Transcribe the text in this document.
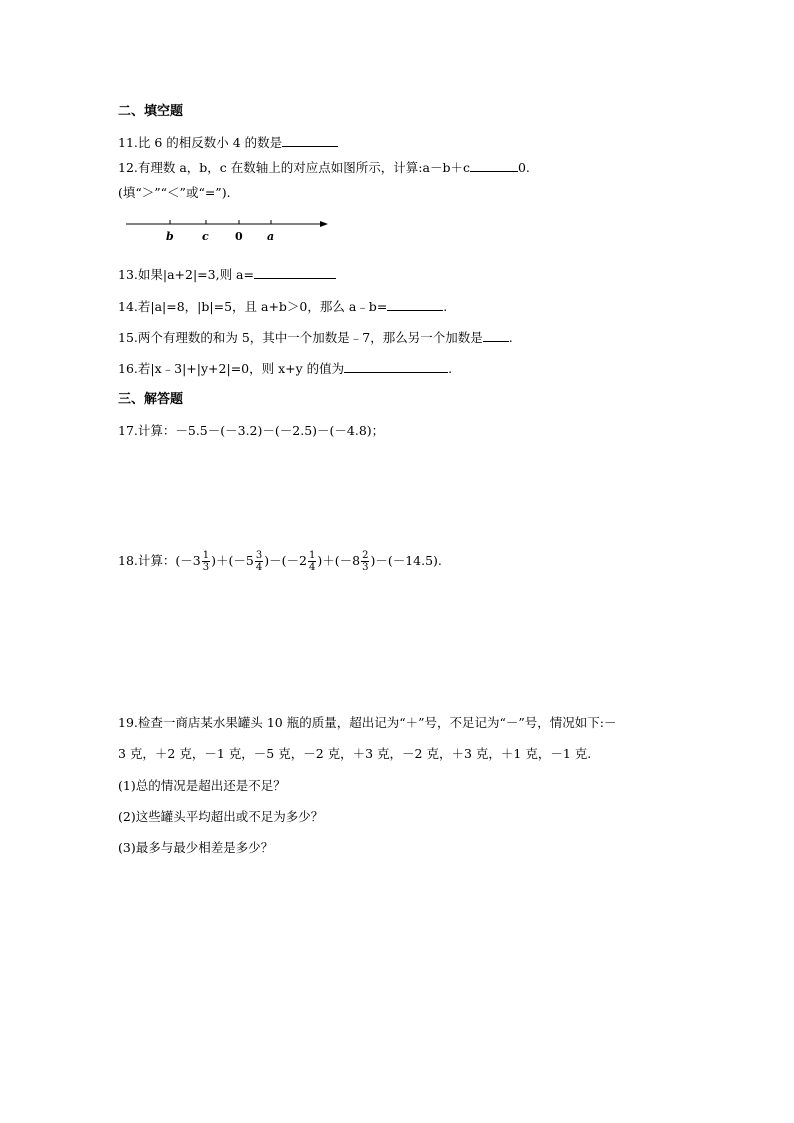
二、填空题
11.比 6 的相反数小 4 的数是
12.有理数 a，b，c 在数轴上的对应点如图所示，计算:a－b＋c	0.
(填“＞”“＜”或“=”).
b	c 0 a
13.如果|a+2|=3,则 a=
14.若|a|=8，|b|=5，且 a+b＞0，那么 a﹣b=	.
15.两个有理数的和为 5，其中一个加数是﹣7，那么另一个加数是 .
16.若|x﹣3|+|y+2|=0，则 x+y 的值为	.
三、解答题
17.计算：－5.5－(－3.2)－(－2.5)－(－4.8)；
18.计算：$(-3 \frac{1}{3} )+(-5 \frac{3}{4} )-(-2 \frac{1}{4} )+(-8 \frac{2}{3} )-(-14.5)$.
19.检查一商店某水果罐头 10 瓶的质量，超出记为“＋”号，不足记为“－”号，情况如下:－
3 克，＋2 克，－1 克，－5 克，－2 克，＋3 克，－2 克，＋3 克，＋1 克，－1 克.
(1)总的情况是超出还是不足？
(2)这些罐头平均超出或不足为多少？
(3)最多与最少相差是多少？
